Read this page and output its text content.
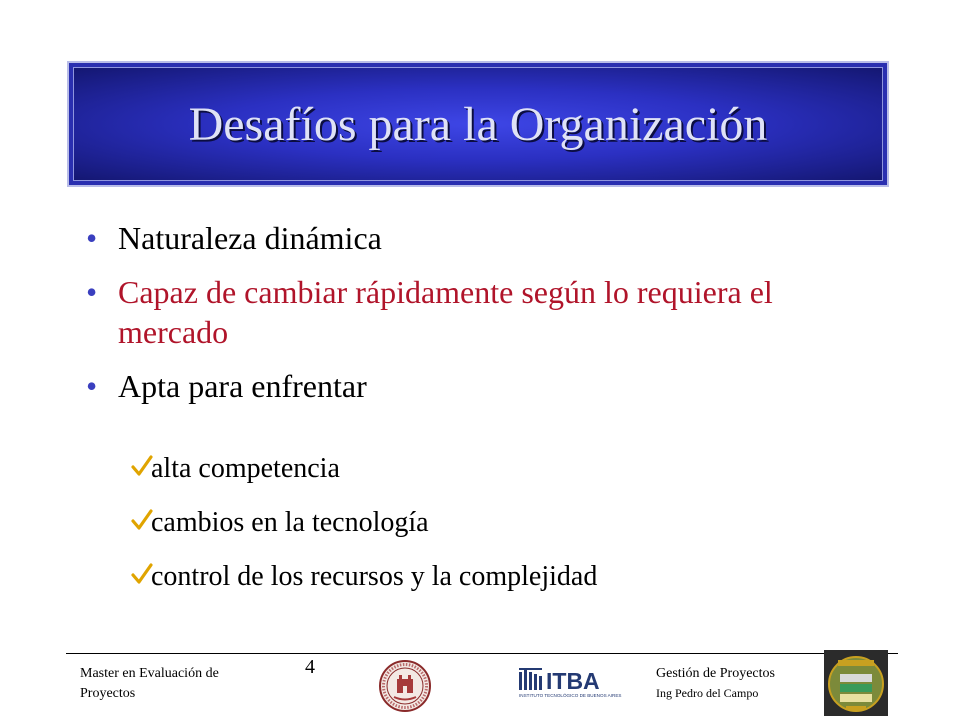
Desafíos para la Organización
• Naturaleza dinámica
• Capaz de cambiar rápidamente según lo requiera el mercado
• Apta para enfrentar
alta competencia
cambios en la tecnología
control de los recursos y la complejidad
Master en Evaluación de
Proyectos
4
ITBA
INSTITUTO TECNOLÓGICO DE BUENOS AIRES
Gestión de Proyectos
Ing Pedro del Campo
